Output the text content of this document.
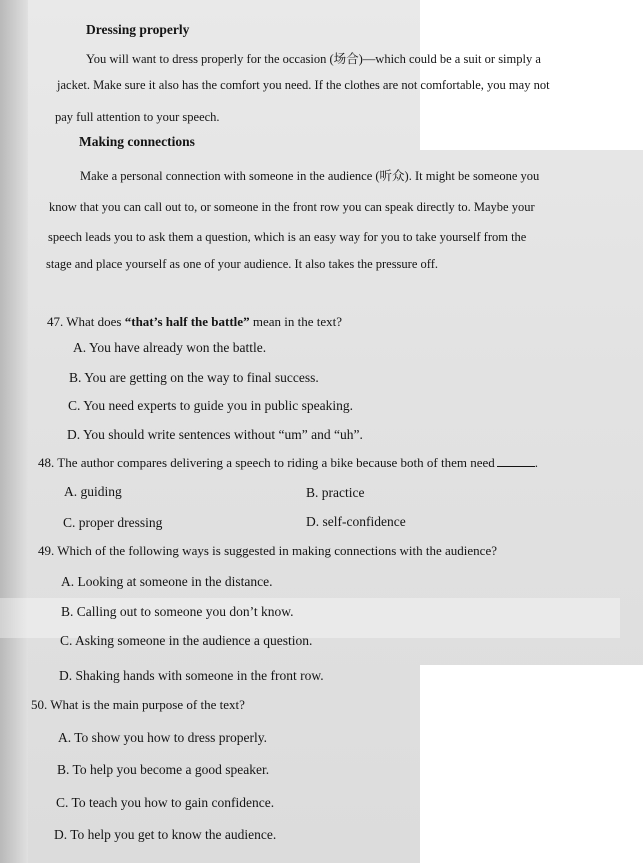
Dressing properly
You will want to dress properly for the occasion (场合)—which could be a suit or simply a
jacket. Make sure it also has the comfort you need. If the clothes are not comfortable, you may not
pay full attention to your speech.
Making connections
Make a personal connection with someone in the audience (听众). It might be someone you
know that you can call out to, or someone in the front row you can speak directly to. Maybe your
speech leads you to ask them a question, which is an easy way for you to take yourself from the
stage and place yourself as one of your audience. It also takes the pressure off.
47. What does “that’s half the battle” mean in the text?
A. You have already won the battle.
B. You are getting on the way to final success.
C. You need experts to guide you in public speaking.
D. You should write sentences without “um” and “uh”.
48. The author compares delivering a speech to riding a bike because both of them need	.
A. guiding	B. practice
C. proper dressing	D. self-confidence
49. Which of the following ways is suggested in making connections with the audience?
A. Looking at someone in the distance.
B. Calling out to someone you don’t know.
C. Asking someone in the audience a question.
D. Shaking hands with someone in the front row.
50. What is the main purpose of the text?
A. To show you how to dress properly.
B. To help you become a good speaker.
C. To teach you how to gain confidence.
D. To help you get to know the audience.
